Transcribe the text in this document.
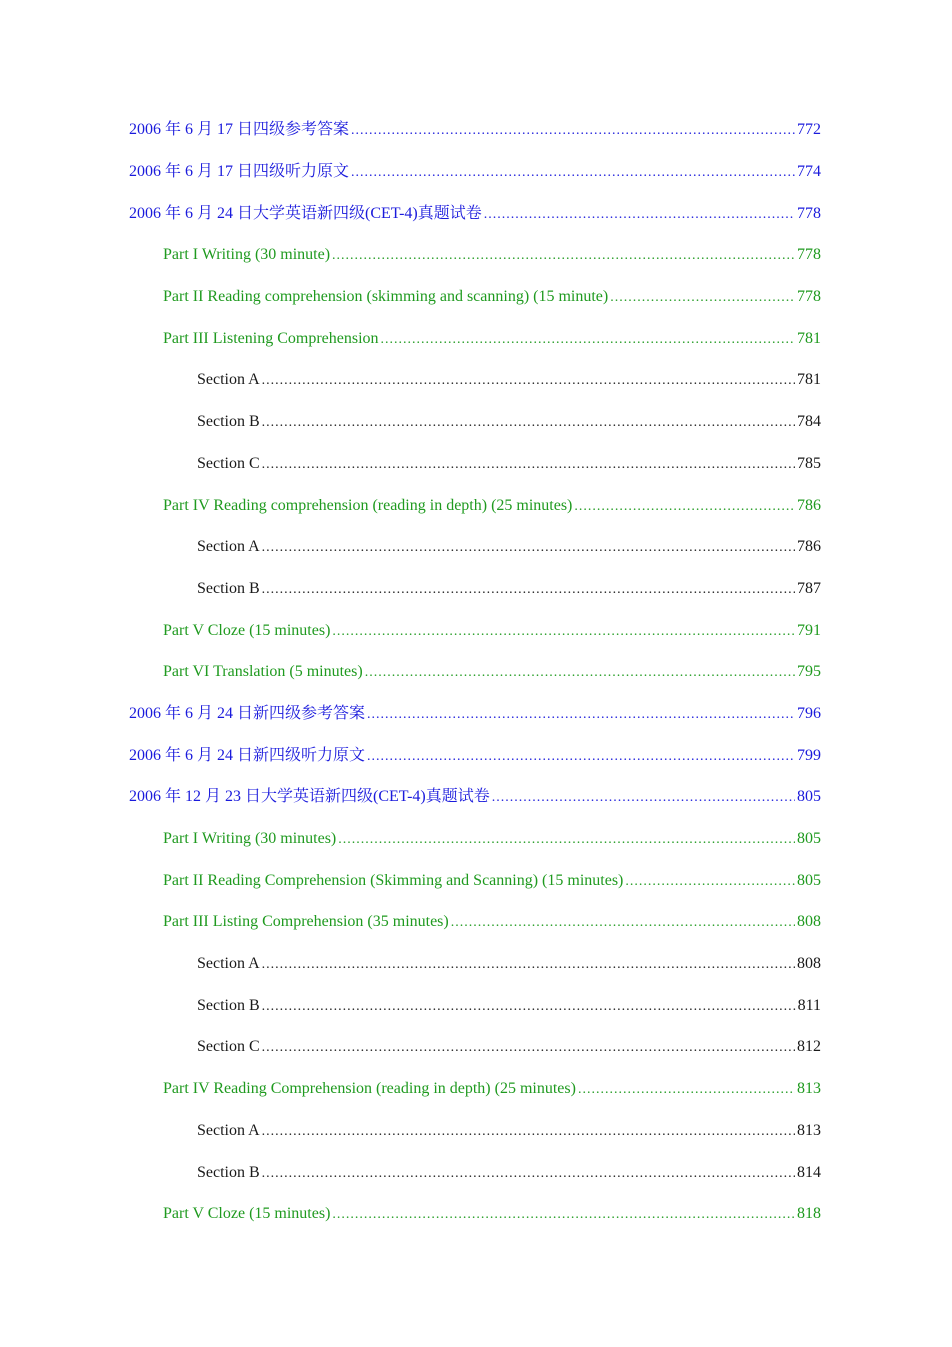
2006 年 6 月 17 日四级参考答案 .....	772
2006 年 6 月 17 日四级听力原文 .....	774
2006 年 6 月 24 日大学英语新四级(CET-4)真题试卷 .....	778
Part I Writing (30 minute) .....	778
Part II Reading comprehension (skimming and scanning) (15 minute) .....	778
Part III Listening Comprehension .....	781
Section A .....	781
Section B .....	784
Section C .....	785
Part IV Reading comprehension (reading in depth) (25 minutes) .....	786
Section A .....	786
Section B .....	787
Part V Cloze (15 minutes) .....	791
Part VI Translation (5 minutes) .....	795
2006 年 6 月 24 日新四级参考答案 .....	796
2006 年 6 月 24 日新四级听力原文 .....	799
2006 年 12 月 23 日大学英语新四级(CET-4)真题试卷 .....	805
Part I Writing (30 minutes) .....	805
Part II Reading Comprehension (Skimming and Scanning) (15 minutes) .....	805
Part III Listing Comprehension (35 minutes) .....	808
Section A .....	808
Section B .....	811
Section C .....	812
Part IV Reading Comprehension (reading in depth) (25 minutes) .....	813
Section A .....	813
Section B .....	814
Part V Cloze (15 minutes) .....	818
